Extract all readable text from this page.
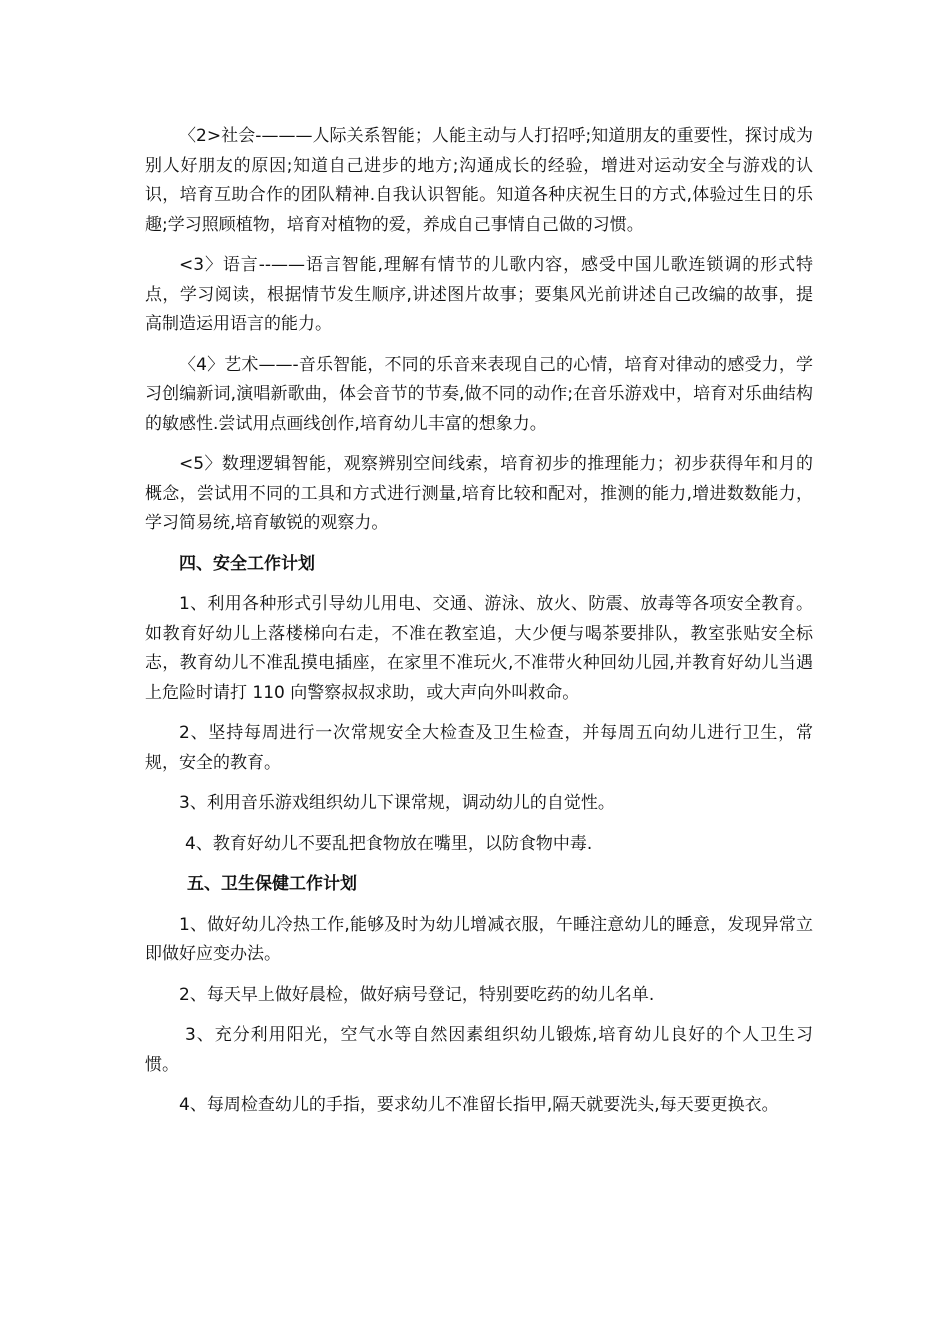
〈2>社会-———人际关系智能；人能主动与人打招呼;知道朋友的重要性，探讨成为别人好朋友的原因;知道自己进步的地方;沟通成长的经验，增进对运动安全与游戏的认识，培育互助合作的团队精神.自我认识智能。知道各种庆祝生日的方式,体验过生日的乐趣;学习照顾植物，培育对植物的爱，养成自己事情自己做的习惯。

<3〉语言--——语言智能,理解有情节的儿歌内容，感受中国儿歌连锁调的形式特点，学习阅读，根据情节发生顺序,讲述图片故事；要集风光前讲述自己改编的故事，提高制造运用语言的能力。

〈4〉艺术——-音乐智能，不同的乐音来表现自己的心情，培育对律动的感受力，学习创编新词,演唱新歌曲，体会音节的节奏,做不同的动作;在音乐游戏中，培育对乐曲结构的敏感性.尝试用点画线创作,培育幼儿丰富的想象力。

<5〉数理逻辑智能，观察辨别空间线索，培育初步的推理能力；初步获得年和月的概念，尝试用不同的工具和方式进行测量,培育比较和配对，推测的能力,增进数数能力，学习简易统,培育敏锐的观察力。

四、安全工作计划

1、利用各种形式引导幼儿用电、交通、游泳、放火、防震、放毒等各项安全教育。如教育好幼儿上落楼梯向右走，不准在教室追，大少便与喝茶要排队，教室张贴安全标志，教育幼儿不准乱摸电插座，在家里不准玩火,不准带火种回幼儿园,并教育好幼儿当遇上危险时请打 110 向警察叔叔求助，或大声向外叫救命。

2、坚持每周进行一次常规安全大检查及卫生检查，并每周五向幼儿进行卫生，常规，安全的教育。

3、利用音乐游戏组织幼儿下课常规，调动幼儿的自觉性。

4、教育好幼儿不要乱把食物放在嘴里，以防食物中毒.

五、卫生保健工作计划

1、做好幼儿冷热工作,能够及时为幼儿增减衣服，午睡注意幼儿的睡意，发现异常立即做好应变办法。

2、每天早上做好晨检，做好病号登记，特别要吃药的幼儿名单.

3、充分利用阳光，空气水等自然因素组织幼儿锻炼,培育幼儿良好的个人卫生习惯。

4、每周检查幼儿的手指，要求幼儿不准留长指甲,隔天就要洗头,每天要更换衣。
